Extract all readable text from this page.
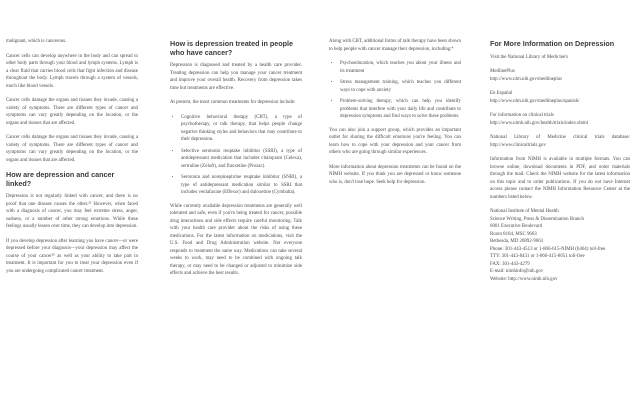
malignant, which is cancerous.

Cancer cells can develop anywhere in the body and can spread to other body parts through your blood and lymph systems. Lymph is a clear fluid that carries blood cells that fight infection and disease throughout the body. Lymph travels through a system of vessels, much like blood vessels.

Cancer cells damage the organs and tissues they invade, causing a variety of symptoms. There are different types of cancer and symptoms can vary greatly depending on the location, or the organs and tissues that are affected.

Cancer cells damage the organs and tissues they invade, causing a variety of symptoms. There are different types of cancer and symptoms can vary greatly depending on the location, or the organs and tissues that are affected.

How are depression and cancer linked?

Depression is not regularly linked with cancer, and there is no proof that one disease causes the other.²³ However, when faced with a diagnosis of cancer, you may feel extreme stress, anger, sadness, or a number of other strong emotions. While these feelings usually lessen over time, they can develop into depression.

If you develop depression after learning you have cancer—or were depressed before your diagnosis—your depression may affect the course of your cancer²³ as well as your ability to take part in treatment. It is important for you to treat your depression even if you are undergoing complicated cancer treatment.

How is depression treated in people who have cancer?

Depression is diagnosed and treated by a health care provider. Treating depression can help you manage your cancer treatment and improve your overall health. Recovery from depression takes time but treatments are effective.

At present, the most common treatments for depression include:

• Cognitive behavioral therapy (CBT), a type of psychotherapy, or talk therapy, that helps people change negative thinking styles and behaviors that may contribute to their depression.
• Selective serotonin reuptake inhibitor (SSRI), a type of antidepressant medication that includes citalopram (Celexa), sertraline (Zoloft), and fluoxetine (Prozac).
• Serotonin and norepinephrine reuptake inhibitor (SNRI), a type of antidepressant medication similar to SSRI that includes venlafaxine (Effexor) and duloxetine (Cymbalta).

While currently available depression treatments are generally well tolerated and safe, even if you're being treated for cancer, possible drug interactions and side effects require careful monitoring. Talk with your health care provider about the risks of using these medications. For the latest information on medications, visit the U.S. Food and Drug Administration website. Not everyone responds to treatment the same way. Medications can take several weeks to work, may need to be combined with ongoing talk therapy, or may need to be changed or adjusted to minimize side effects and achieve the best results.

Along with CBT, additional forms of talk therapy have been shown to help people with cancer manage their depression, including:⁴

• Psychoeducation, which teaches you about your illness and its treatment
• Stress management training, which teaches you different ways to cope with anxiety
• Problem-solving therapy, which can help you identify problems that interfere with your daily life and contribute to depression symptoms and find ways to solve these problems.

You can also join a support group, which provides an important outlet for sharing the difficult emotions you're feeling. You can learn how to cope with your depression and your cancer from others who are going through similar experiences.

More information about depression treatments can be found on the NIMH website. If you think you are depressed or know someone who is, don't lose hope. Seek help for depression.

For More Information on Depression

Visit the National Library of Medicine's

MedlinePlus
http://www.nlm.nih.gov/medlineplus

En Español
http://www.nlm.nih.gov/medlineplus/spanish/

For information on clinical trials
http://www.nimh.nih.gov/health/trials/index.shtml

National Library of Medicine clinical trials database: http://www.clinicaltrials.gov

Information from NIMH is available in multiple formats. You can browse online, download documents in PDF, and order materials through the mail. Check the NIMH website for the latest information on this topic and to order publications. If you do not have Internet access please contact the NIMH Information Resource Center at the numbers listed below.

National Institute of Mental Health
Science Writing, Press & Dissemination Branch
6001 Executive Boulevard
Room 8184, MSC 9663
Bethesda, MD 20892-9663
Phone: 301-443-4513 or 1-866-615-NIMH (6464) toll-free
TTY: 301-443-8431 or 1-866-415-8051 toll-free
FAX: 301-443-4279
E-mail: nimhinfo@nih.gov
Website: http://www.nimh.nih.gov
